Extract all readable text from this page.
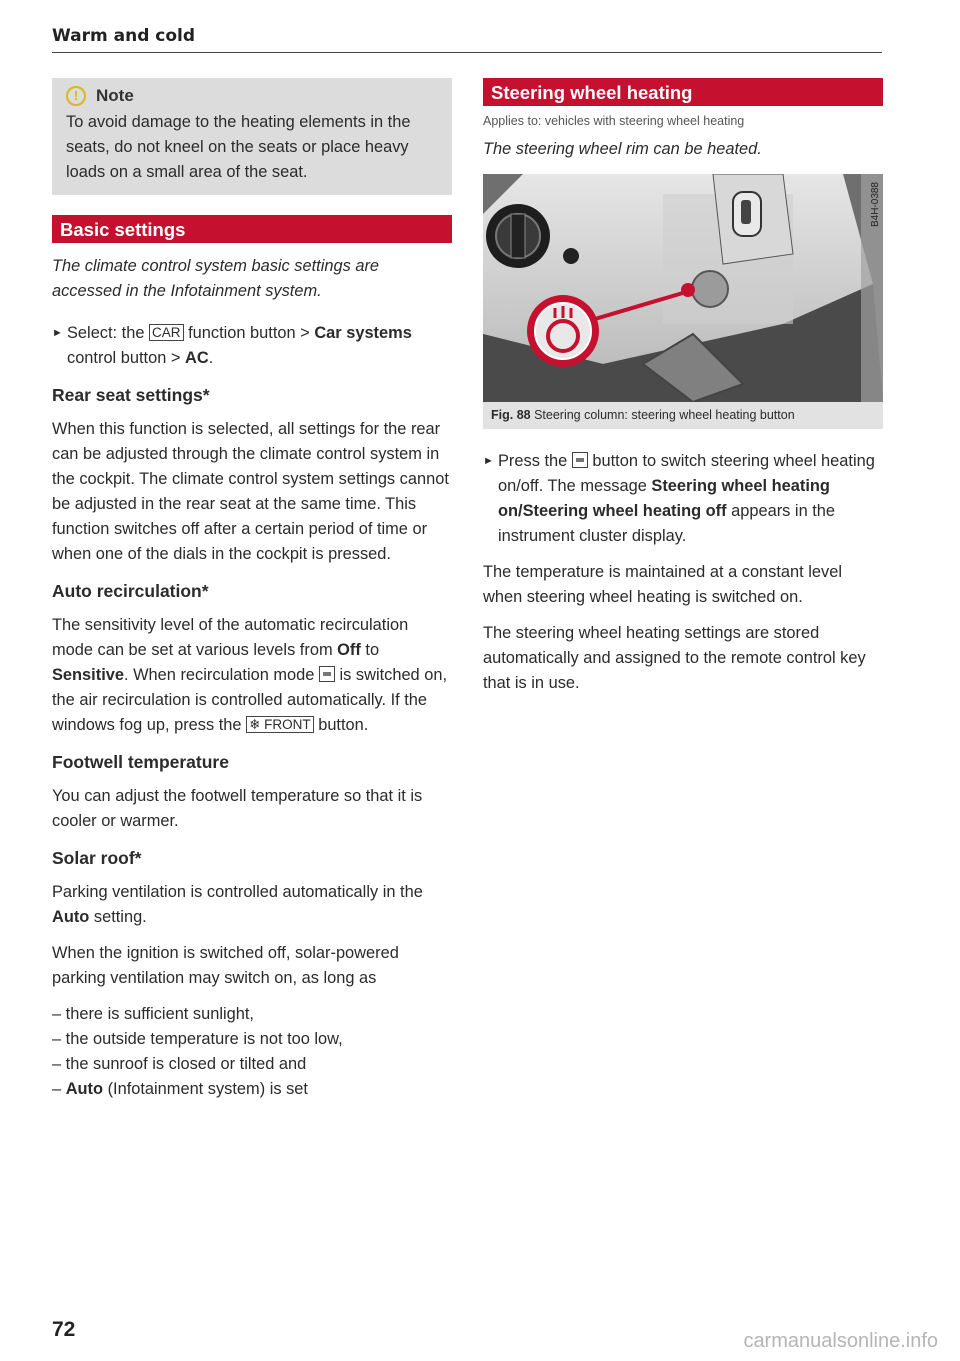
Warm and cold
!	Note

To avoid damage to the heating elements in the seats, do not kneel on the seats or place heavy loads on a small area of the seat.

Basic settings

The climate control system basic settings are accessed in the Infotainment system.

► Select: the CAR function button > Car systems control button > AC.

Rear seat settings*

When this function is selected, all settings for the rear can be adjusted through the climate control system in the cockpit. The climate control system settings cannot be adjusted in the rear seat at the same time. This function switches off after a certain period of time or when one of the dials in the cockpit is pressed.

Auto recirculation*

The sensitivity level of the automatic recirculation mode can be set at various levels from Off to Sensitive. When recirculation mode is switched on, the air recirculation is controlled automatically. If the windows fog up, press the ❄ FRONT button.

Footwell temperature

You can adjust the footwell temperature so that it is cooler or warmer.

Solar roof*

Parking ventilation is controlled automatically in the Auto setting.

When the ignition is switched off, solar-powered parking ventilation may switch on, as long as

– there is sufficient sunlight,

– the outside temperature is not too low,

– the sunroof is closed or tilted and

– Auto (Infotainment system) is set

Steering wheel heating
Applies to: vehicles with steering wheel heating

The steering wheel rim can be heated.

B4H-0388
Fig. 88 Steering column: steering wheel heating button

► Press the button to switch steering wheel heating on/off. The message Steering wheel heating on/Steering wheel heating off appears in the instrument cluster display.

The temperature is maintained at a constant level when steering wheel heating is switched on.

The steering wheel heating settings are stored automatically and assigned to the remote control key that is in use.

72	carmanualsonline.info
